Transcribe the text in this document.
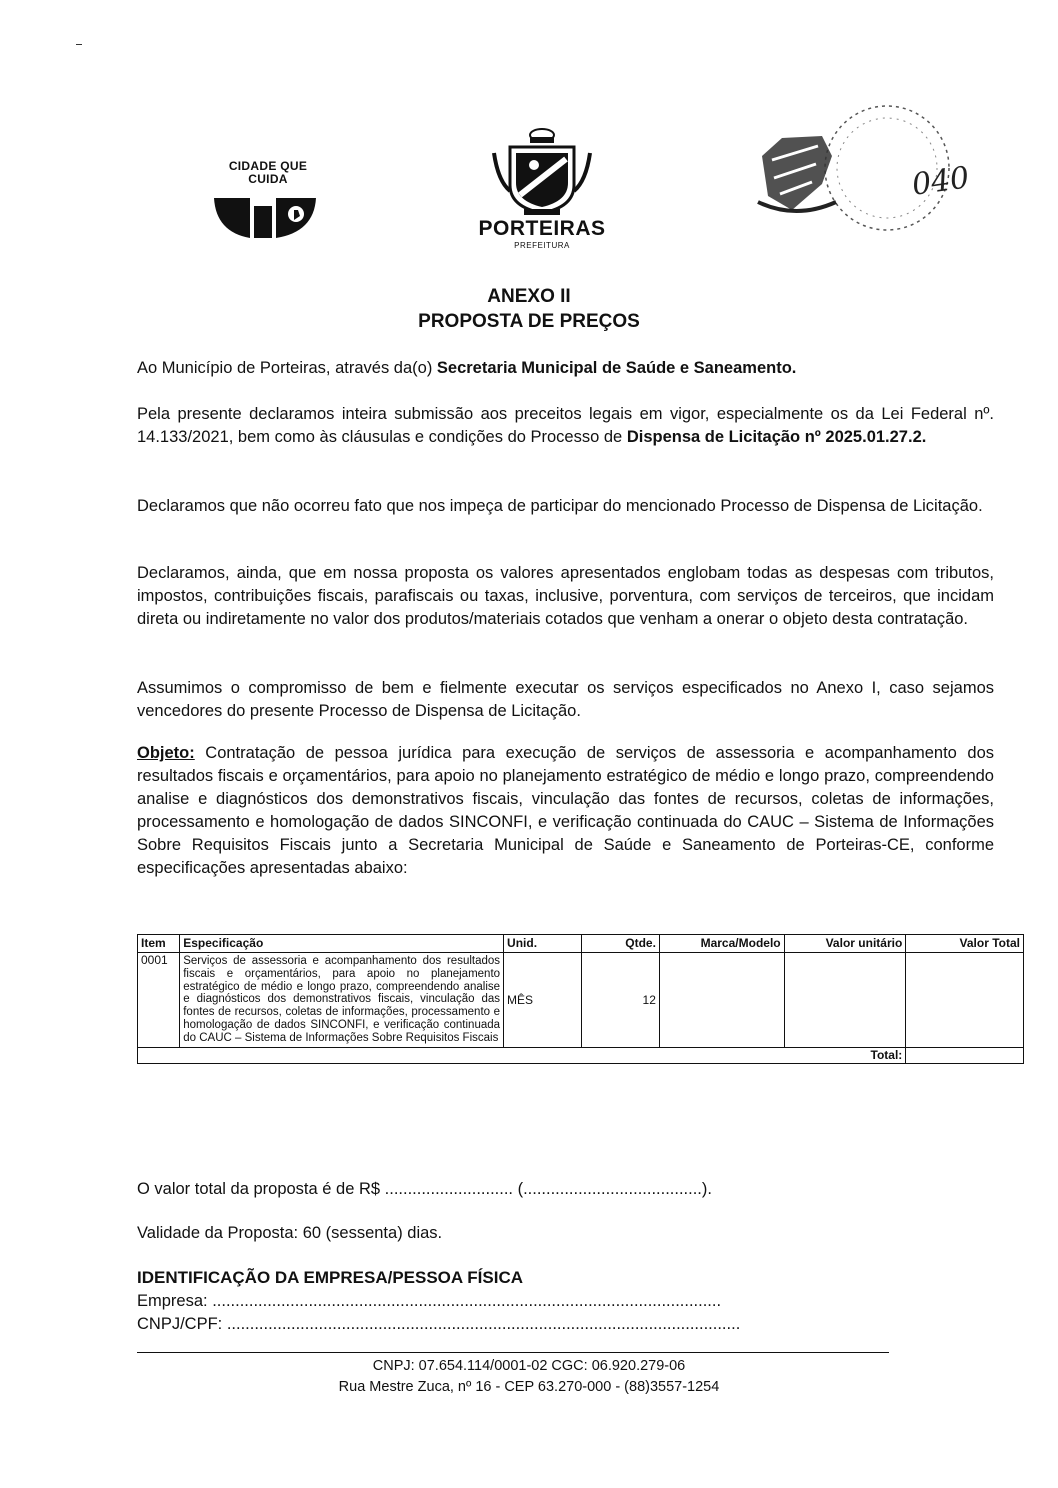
CIDADE QUE CUIDA
PORTEIRAS
PREFEITURA
040
ANEXO II
PROPOSTA DE PREÇOS
Ao Município de Porteiras, através da(o) Secretaria Municipal de Saúde e Saneamento.
Pela presente declaramos inteira submissão aos preceitos legais em vigor, especialmente os da Lei Federal nº. 14.133/2021, bem como às cláusulas e condições do Processo de Dispensa de Licitação nº 2025.01.27.2.
Declaramos que não ocorreu fato que nos impeça de participar do mencionado Processo de Dispensa de Licitação.
Declaramos, ainda, que em nossa proposta os valores apresentados englobam todas as despesas com tributos, impostos, contribuições fiscais, parafiscais ou taxas, inclusive, porventura, com serviços de terceiros, que incidam direta ou indiretamente no valor dos produtos/materiais cotados que venham a onerar o objeto desta contratação.
Assumimos o compromisso de bem e fielmente executar os serviços especificados no Anexo I, caso sejamos vencedores do presente Processo de Dispensa de Licitação.
Objeto: Contratação de pessoa jurídica para execução de serviços de assessoria e acompanhamento dos resultados fiscais e orçamentários, para apoio no planejamento estratégico de médio e longo prazo, compreendendo analise e diagnósticos dos demonstrativos fiscais, vinculação das fontes de recursos, coletas de informações, processamento e homologação de dados SINCONFI, e verificação continuada do CAUC – Sistema de Informações Sobre Requisitos Fiscais junto a Secretaria Municipal de Saúde e Saneamento de Porteiras-CE, conforme especificações apresentadas abaixo:
Item	Especificação	Unid.	Qtde.	Marca/Modelo	Valor unitário	Valor Total
0001	Serviços de assessoria e acompanhamento dos resultados fiscais e orçamentários, para apoio no planejamento estratégico de médio e longo prazo, compreendendo analise e diagnósticos dos demonstrativos fiscais, vinculação das fontes de recursos, coletas de informações, processamento e homologação de dados SINCONFI, e verificação continuada do CAUC – Sistema de Informações Sobre Requisitos Fiscais	MÊS	12			
Total:						
O valor total da proposta é de R$ ............................ (.......................................).
Validade da Proposta: 60 (sessenta) dias.
IDENTIFICAÇÃO DA EMPRESA/PESSOA FÍSICA
Empresa: ...............................................................................................................
CNPJ/CPF: ................................................................................................................
CNPJ: 07.654.114/0001-02 CGC: 06.920.279-06
Rua Mestre Zuca, nº 16 - CEP 63.270-000 - (88)3557-1254
